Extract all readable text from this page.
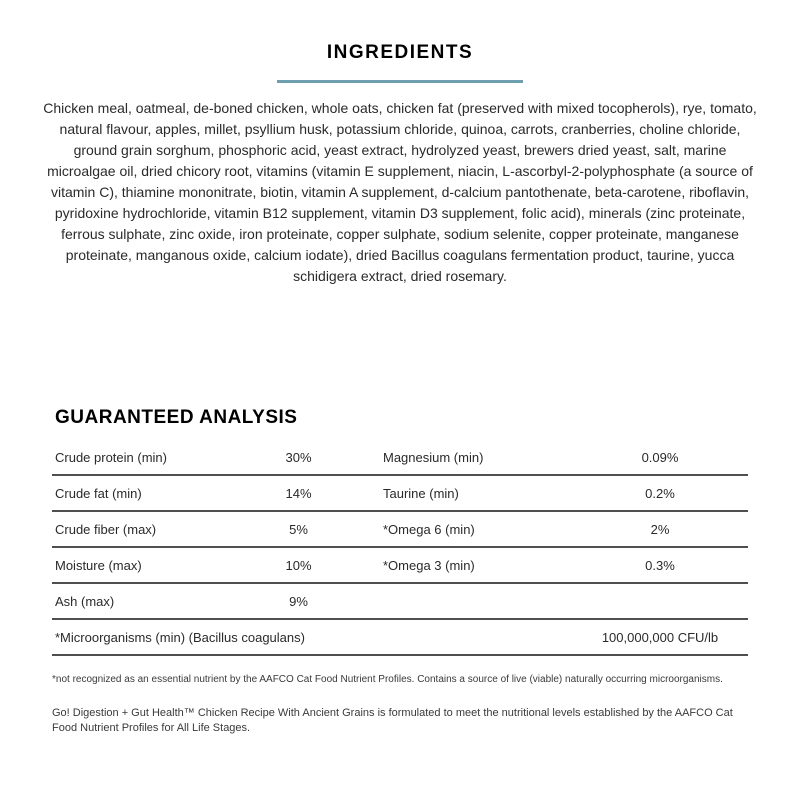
INGREDIENTS

Chicken meal, oatmeal, de-boned chicken, whole oats, chicken fat (preserved with mixed tocopherols), rye, tomato, natural flavour, apples, millet, psyllium husk, potassium chloride, quinoa, carrots, cranberries, choline chloride, ground grain sorghum, phosphoric acid, yeast extract, hydrolyzed yeast, brewers dried yeast, salt, marine microalgae oil, dried chicory root, vitamins (vitamin E supplement, niacin, L-ascorbyl-2-polyphosphate (a source of vitamin C), thiamine mononitrate, biotin, vitamin A supplement, d-calcium pantothenate, beta-carotene, riboflavin, pyridoxine hydrochloride, vitamin B12 supplement, vitamin D3 supplement, folic acid), minerals (zinc proteinate, ferrous sulphate, zinc oxide, iron proteinate, copper sulphate, sodium selenite, copper proteinate, manganese proteinate, manganous oxide, calcium iodate), dried Bacillus coagulans fermentation product, taurine, yucca schidigera extract, dried rosemary.

GUARANTEED ANALYSIS
Crude protein (min)	30%	Magnesium (min)	0.09%
Crude fat (min)	14%	Taurine (min)	0.2%
Crude fiber (max)	5%	*Omega 6 (min)	2%
Moisture (max)	10%	*Omega 3 (min)	0.3%
Ash (max)	9%
*Microorganisms (min) (Bacillus coagulans)	100,000,000 CFU/lb

*not recognized as an essential nutrient by the AAFCO Cat Food Nutrient Profiles. Contains a source of live (viable) naturally occurring microorganisms.

Go! Digestion + Gut Health™ Chicken Recipe With Ancient Grains is formulated to meet the nutritional levels established by the AAFCO Cat Food Nutrient Profiles for All Life Stages.
